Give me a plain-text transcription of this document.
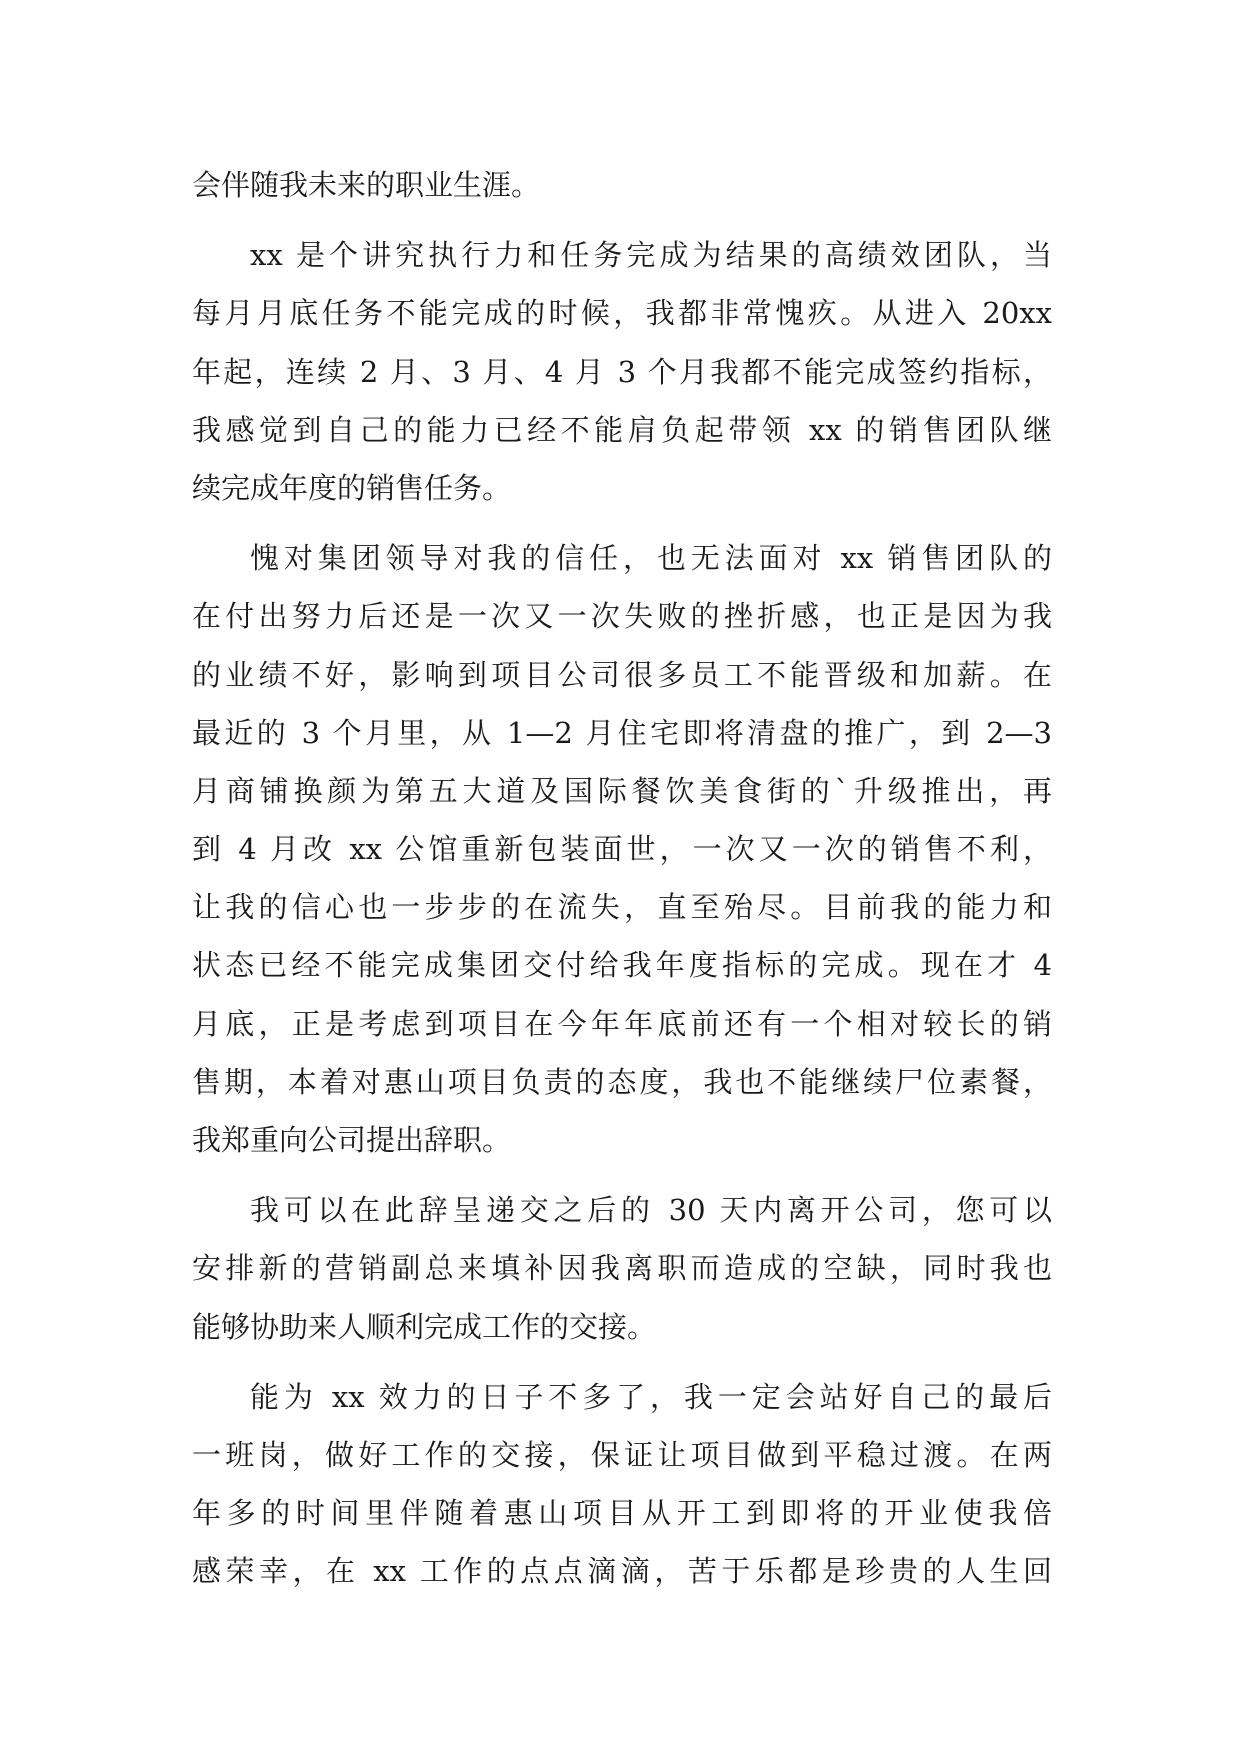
会伴随我未来的职业生涯。
xx 是个讲究执行力和任务完成为结果的高绩效团队，当
每月月底任务不能完成的时候，我都非常愧疚。从进入 20xx
年起，连续 2 月、3 月、4 月 3 个月我都不能完成签约指标，
我感觉到自己的能力已经不能肩负起带领 xx 的销售团队继
续完成年度的销售任务。
愧对集团领导对我的信任，也无法面对 xx 销售团队的
在付出努力后还是一次又一次失败的挫折感，也正是因为我
的业绩不好，影响到项目公司很多员工不能晋级和加薪。在
最近的 3 个月里，从 1—2 月住宅即将清盘的推广，到 2—3
月商铺换颜为第五大道及国际餐饮美食街的`升级推出，再
到 4 月改 xx 公馆重新包装面世，一次又一次的销售不利，
让我的信心也一步步的在流失，直至殆尽。目前我的能力和
状态已经不能完成集团交付给我年度指标的完成。现在才 4
月底，正是考虑到项目在今年年底前还有一个相对较长的销
售期，本着对惠山项目负责的态度，我也不能继续尸位素餐，
我郑重向公司提出辞职。
我可以在此辞呈递交之后的 30 天内离开公司，您可以
安排新的营销副总来填补因我离职而造成的空缺，同时我也
能够协助来人顺利完成工作的交接。
能为 xx 效力的日子不多了，我一定会站好自己的最后
一班岗，做好工作的交接，保证让项目做到平稳过渡。在两
年多的时间里伴随着惠山项目从开工到即将的开业使我倍
感荣幸，在 xx 工作的点点滴滴，苦于乐都是珍贵的人生回
